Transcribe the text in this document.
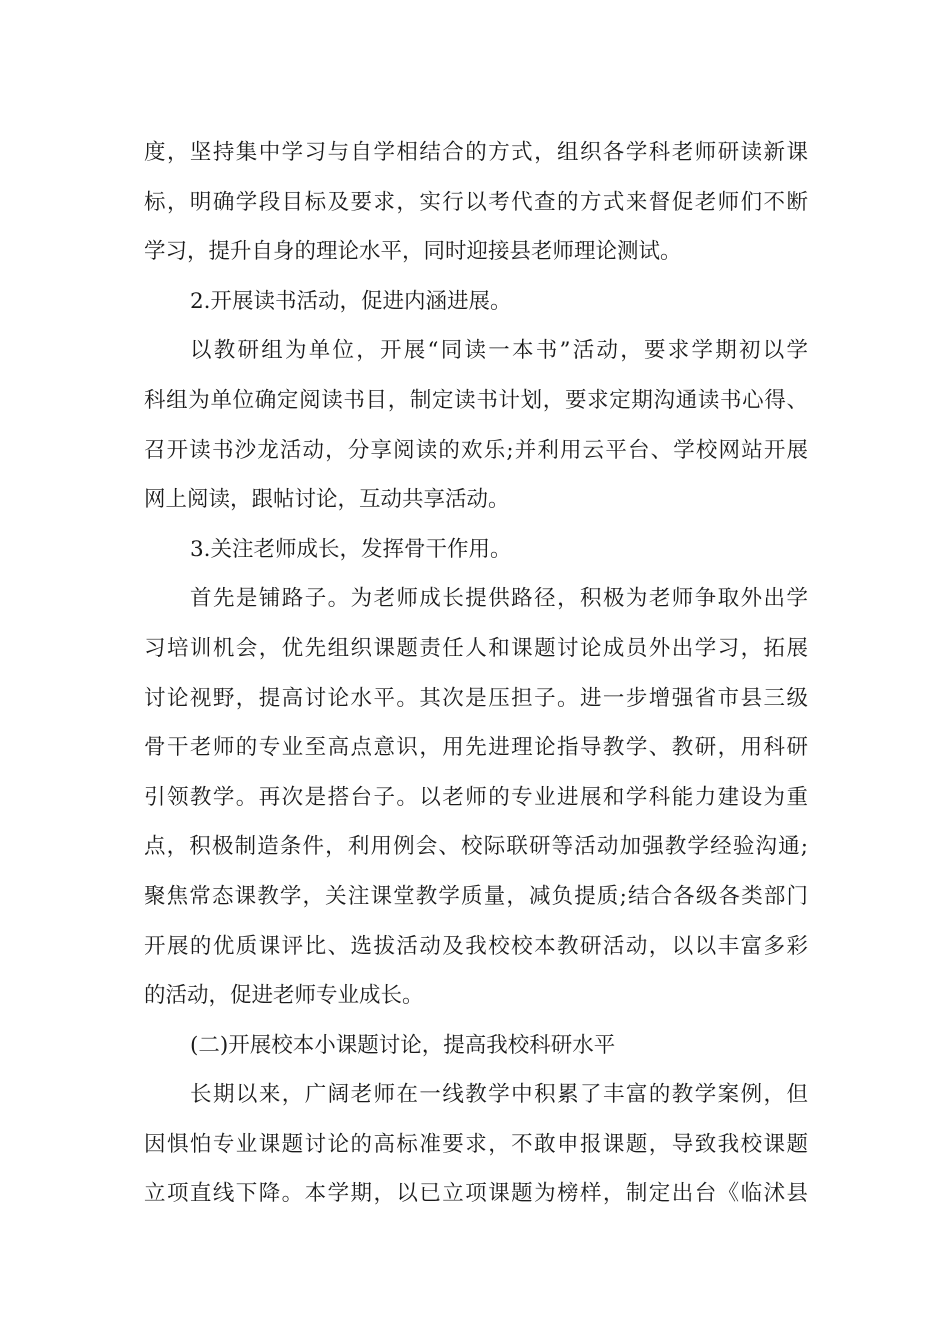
度，坚持集中学习与自学相结合的方式，组织各学科老师研读新课
标，明确学段目标及要求，实行以考代查的方式来督促老师们不断
学习，提升自身的理论水平，同时迎接县老师理论测试。
2.开展读书活动，促进内涵进展。
以教研组为单位，开展“同读一本书”活动，要求学期初以学
科组为单位确定阅读书目，制定读书计划，要求定期沟通读书心得、
召开读书沙龙活动，分享阅读的欢乐;并利用云平台、学校网站开展
网上阅读，跟帖讨论，互动共享活动。
3.关注老师成长，发挥骨干作用。
首先是铺路子。为老师成长提供路径，积极为老师争取外出学
习培训机会，优先组织课题责任人和课题讨论成员外出学习，拓展
讨论视野，提高讨论水平。其次是压担子。进一步增强省市县三级
骨干老师的专业至高点意识，用先进理论指导教学、教研，用科研
引领教学。再次是搭台子。以老师的专业进展和学科能力建设为重
点，积极制造条件，利用例会、校际联研等活动加强教学经验沟通;
聚焦常态课教学，关注课堂教学质量，减负提质;结合各级各类部门
开展的优质课评比、选拔活动及我校校本教研活动，以以丰富多彩
的活动，促进老师专业成长。
(二)开展校本小课题讨论，提高我校科研水平
长期以来，广阔老师在一线教学中积累了丰富的教学案例，但
因惧怕专业课题讨论的高标准要求，不敢申报课题，导致我校课题
立项直线下降。本学期，以已立项课题为榜样，制定出台《临沭县
